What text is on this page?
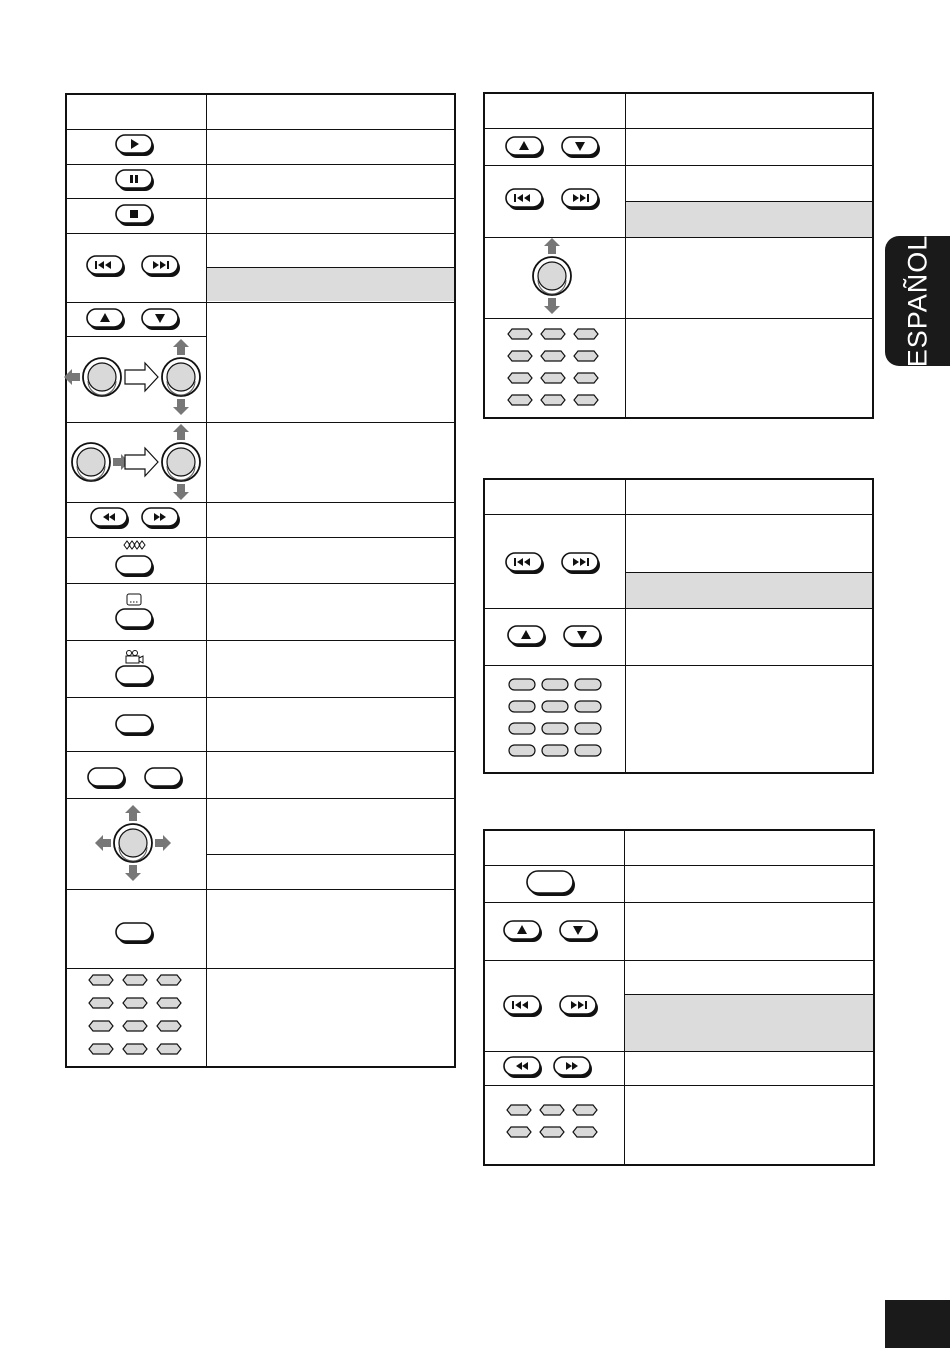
ESPAÑOL
